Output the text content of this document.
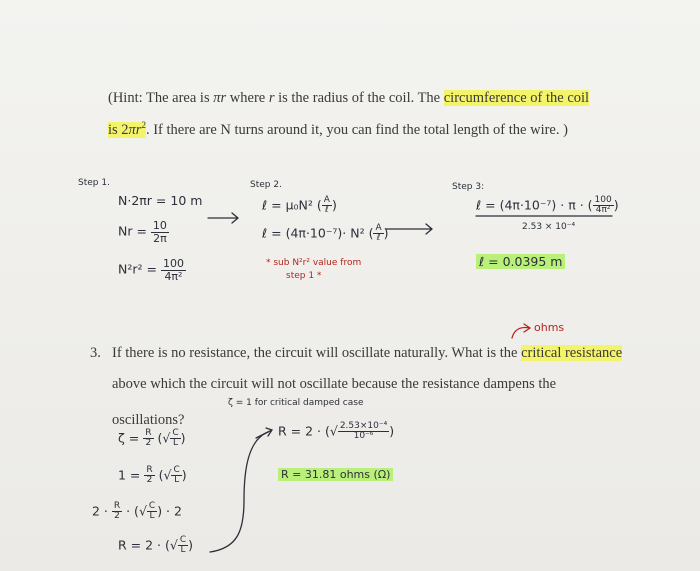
(Hint: The area is πr where r is the radius of the coil. The circumference of the coil
is $2\pi r^2$. If there are N turns around it, you can find the total length of the wire. )
Step 1.
N·2πr = 10 m
$Nr = \frac{10}{2\pi}$
$N^2r^2 = \frac{100}{\text{4π²}}$
Step 2.
ℓ = μ₀N² ( $\frac{A}{\text{ℓ}}$ )
ℓ = (4π·10⁻⁷)· N² ( $\frac{A}{\text{ℓ}}$ )
* sub N²r² value from
step 1 *
Step 3:
ℓ = (4π·10⁻⁷) · π · ( $\frac{100}{\text{4π²}}$ )
2.53 × 10⁻⁴
ℓ = 0.0395 m
ohms
3. If there is no resistance, the circuit will oscillate naturally. What is the critical resistance
above which the circuit will not oscillate because the resistance dampens the
oscillations?
ζ = 1 for critical damped case
$\zeta = \frac{R}{2}$ (√ $\frac{C}{L}$ )
$1 = \frac{R}{2}$ (√ $\frac{C}{L}$ )
$2 \cdot \frac{R}{2}$ · (√ $\frac{C}{L}$ ) · 2
R = 2 · (√ $\frac{C}{L}$ )
R = 2 · (√ $\frac{\text{2.53×10⁻⁴}}{\text{10⁻⁶}}$ )
R = 31.81 ohms (Ω)
